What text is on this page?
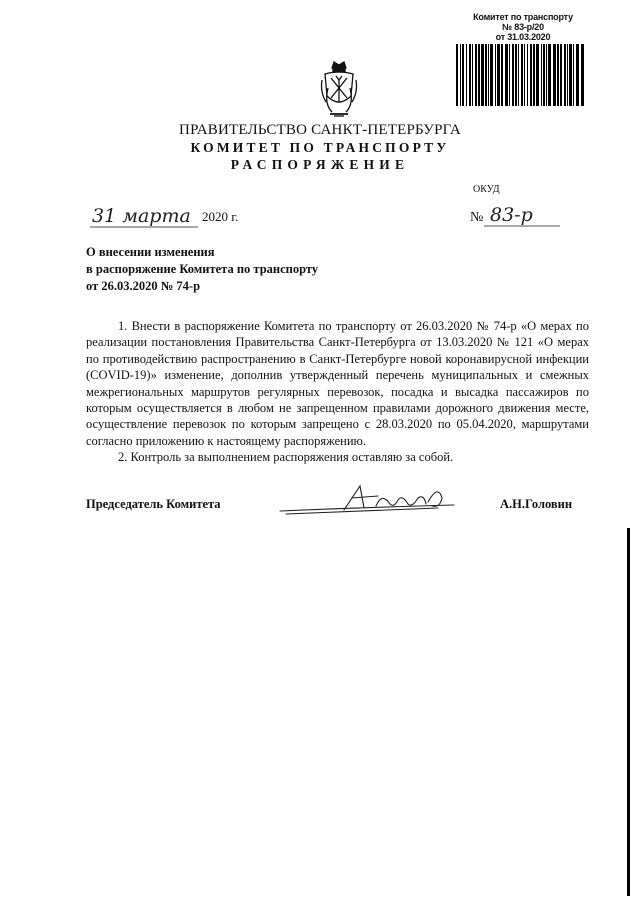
Комитет по транспорту
№ 83-р/20
от 31.03.2020
ПРАВИТЕЛЬСТВО САНКТ-ПЕТЕРБУРГА
КОМИТЕТ ПО ТРАНСПОРТУ
РАСПОРЯЖЕНИЕ
ОКУД
31 марта 2020 г.	№ 83-р
О внесении изменения
в распоряжение Комитета по транспорту
от 26.03.2020 № 74-р

1. Внести в распоряжение Комитета по транспорту от 26.03.2020 № 74-р «О мерах по реализации постановления Правительства Санкт-Петербурга от 13.03.2020 № 121 «О мерах по противодействию распространению в Санкт-Петербурге новой коронавирусной инфекции (COVID-19)» изменение, дополнив утвержденный перечень муниципальных и смежных межрегиональных маршрутов регулярных перевозок, посадка и высадка пассажиров по которым осуществляется в любом не запрещенном правилами дорожного движения месте, осуществление перевозок по которым запрещено с 28.03.2020 по 05.04.2020, маршрутами согласно приложению к настоящему распоряжению.

2. Контроль за выполнением распоряжения оставляю за собой.

Председатель Комитета	А.Н.Головин
